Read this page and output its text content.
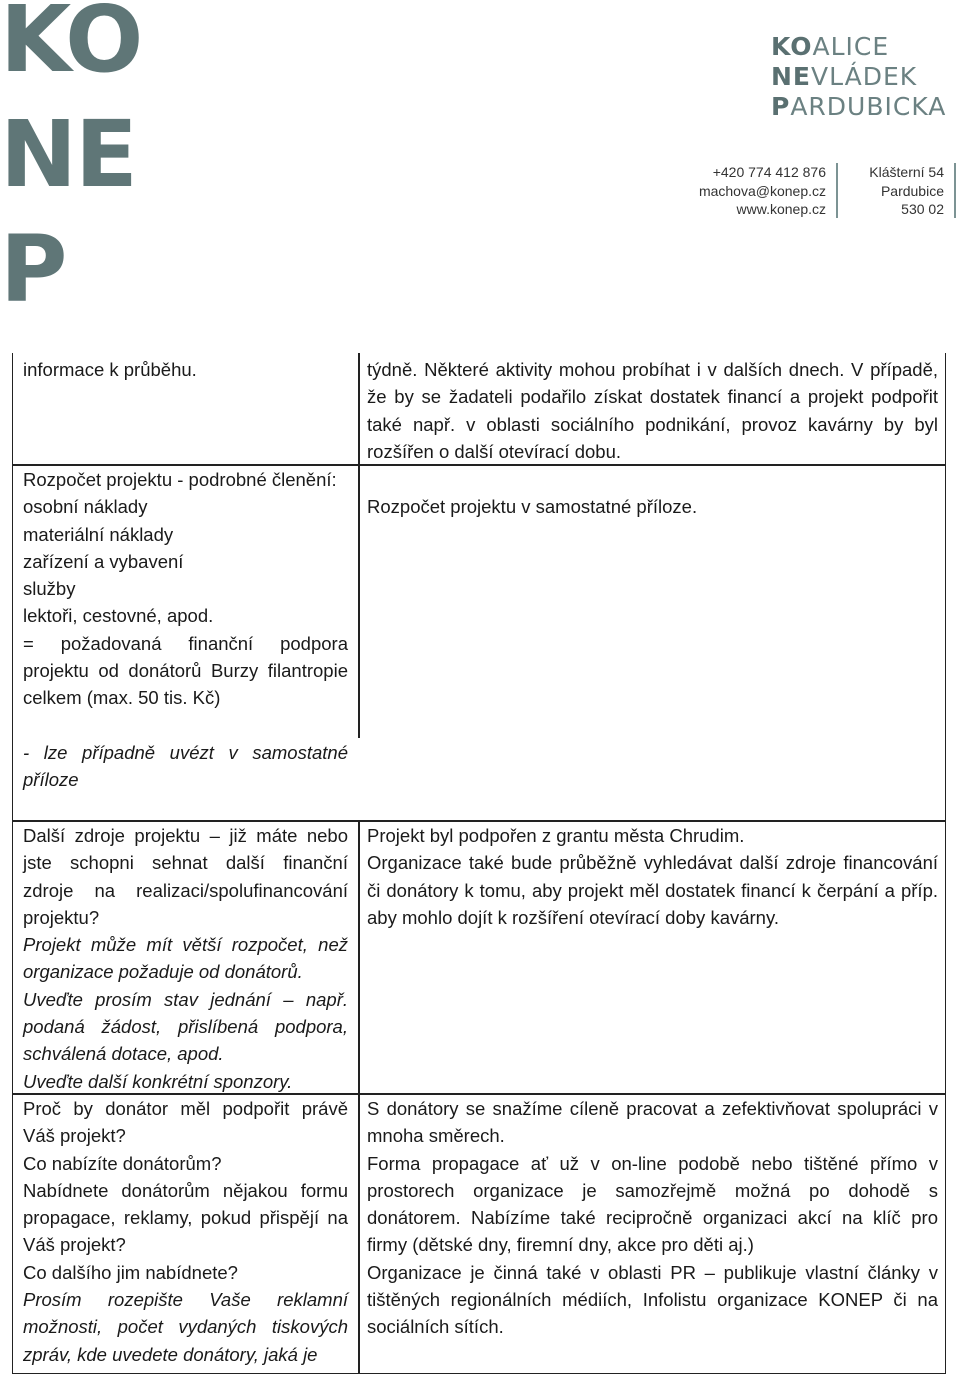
KO
NE
P
KOALICE
NEVLÁDEK
PARDUBICKA
+420 774 412 876
machova@konep.cz
www.konep.cz
Klášterní 54
Pardubice
530 02

informace k průběhu.	týdně. Některé aktivity mohou probíhat i v dalších dnech. V případě, že by se žadateli podařilo získat dostatek financí a projekt podpořit také např. v oblasti sociálního podnikání, provoz kavárny by byl rozšířen o další otevírací dobu.

Rozpočet projektu - podrobné členění:

osobní náklady

materiální náklady

zařízení a vybavení

služby

lektoři, cestovné, apod.

= požadovaná finanční podpora projektu od donátorů Burzy filantropie celkem (max. 50 tis. Kč)

- lze případně uvézt v samostatné příloze

Rozpočet projektu v samostatné příloze.

Další zdroje projektu – již máte nebo jste schopni sehnat další finanční zdroje na realizaci/spolufinancování projektu?

Projekt může mít větší rozpočet, než organizace požaduje od donátorů.

Uveďte prosím stav jednání – např. podaná žádost, přislíbená podpora, schválená dotace, apod.

Uveďte další konkrétní sponzory.

Projekt byl podpořen z grantu města Chrudim.

Organizace také bude průběžně vyhledávat další zdroje financování či donátory k tomu, aby projekt měl dostatek financí k čerpání a příp. aby mohlo dojít k rozšíření otevírací doby kavárny.

Proč by donátor měl podpořit právě Váš projekt?

Co nabízíte donátorům?

Nabídnete donátorům nějakou formu propagace, reklamy, pokud přispějí na Váš projekt?

Co dalšího jim nabídnete?

Prosím rozepište Vaše reklamní možnosti, počet vydaných tiskových zpráv, kde uvedete donátory, jaká je

S donátory se snažíme cíleně pracovat a zefektivňovat spolupráci v mnoha směrech.

Forma propagace ať už v on-line podobě nebo tištěné přímo v prostorech organizace je samozřejmě možná po dohodě s donátorem. Nabízíme také recipročně organizaci akcí na klíč pro firmy (dětské dny, firemní dny, akce pro děti aj.)

Organizace je činná také v oblasti PR – publikuje vlastní články v tištěných regionálních médiích, Infolistu organizace KONEP či na sociálních sítích.
